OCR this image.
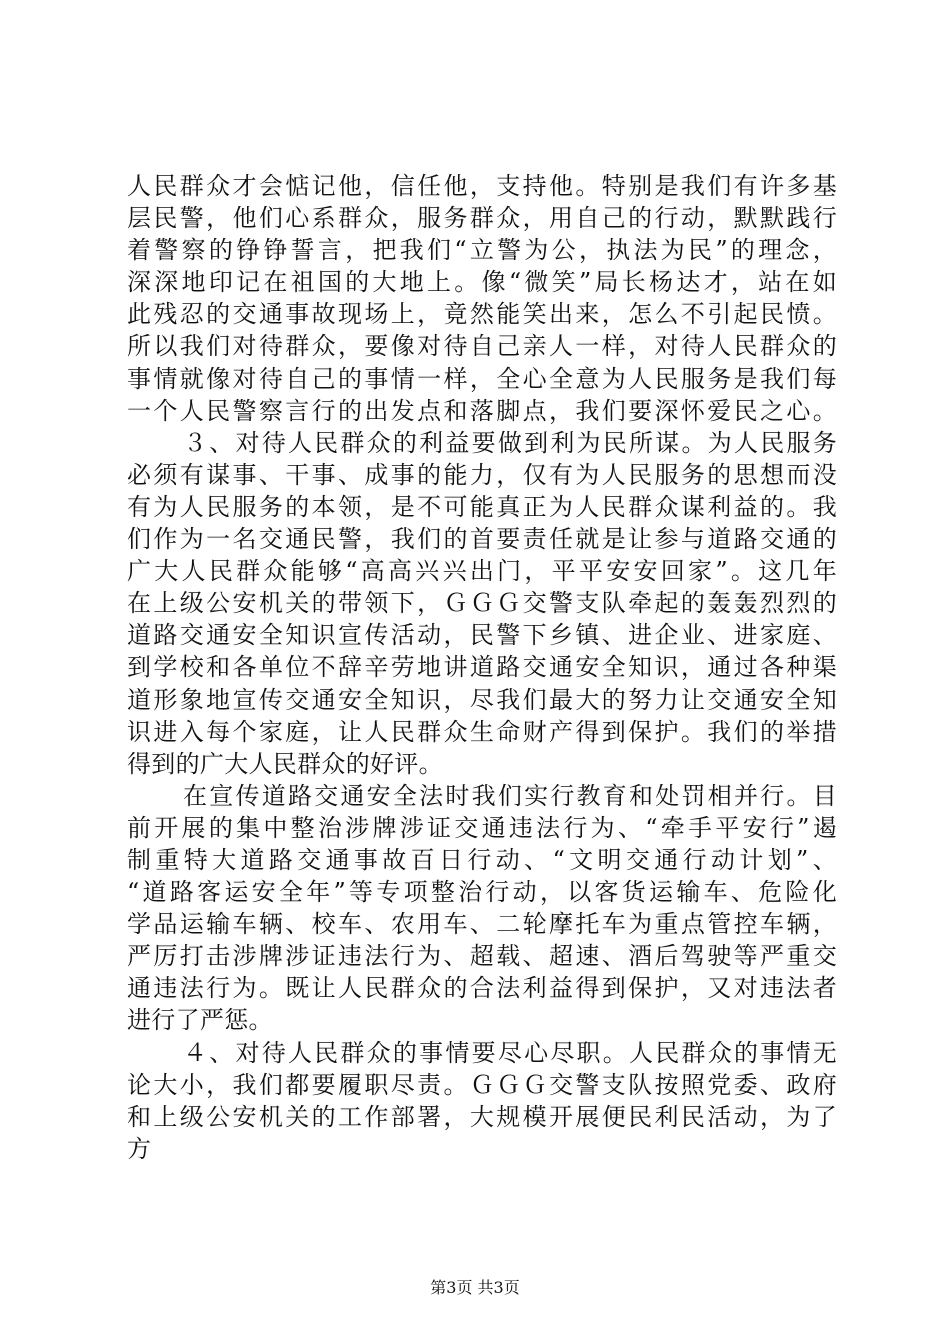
人民群众才会惦记他，信任他，支持他。特别是我们有许多基
层民警，他们心系群众，服务群众，用自己的行动，默默践行
着警察的铮铮誓言，把我们“立警为公，执法为民”的理念，
深深地印记在祖国的大地上。像“微笑”局长杨达才，站在如
此残忍的交通事故现场上，竟然能笑出来，怎么不引起民愤。
所以我们对待群众，要像对待自己亲人一样，对待人民群众的
事情就像对待自己的事情一样，全心全意为人民服务是我们每
一个人民警察言行的出发点和落脚点，我们要深怀爱民之心。
３、对待人民群众的利益要做到利为民所谋。为人民服务
必须有谋事、干事、成事的能力，仅有为人民服务的思想而没
有为人民服务的本领，是不可能真正为人民群众谋利益的。我
们作为一名交通民警，我们的首要责任就是让参与道路交通的
广大人民群众能够“高高兴兴出门，平平安安回家”。这几年
在上级公安机关的带领下，ＧＧＧ交警支队牵起的轰轰烈烈的
道路交通安全知识宣传活动，民警下乡镇、进企业、进家庭、
到学校和各单位不辞辛劳地讲道路交通安全知识，通过各种渠
道形象地宣传交通安全知识，尽我们最大的努力让交通安全知
识进入每个家庭，让人民群众生命财产得到保护。我们的举措
得到的广大人民群众的好评。
在宣传道路交通安全法时我们实行教育和处罚相并行。目
前开展的集中整治涉牌涉证交通违法行为、“牵手平安行”遏
制重特大道路交通事故百日行动、“文明交通行动计划”、
“道路客运安全年”等专项整治行动，以客货运输车、危险化
学品运输车辆、校车、农用车、二轮摩托车为重点管控车辆，
严厉打击涉牌涉证违法行为、超载、超速、酒后驾驶等严重交
通违法行为。既让人民群众的合法利益得到保护，又对违法者
进行了严惩。
４、对待人民群众的事情要尽心尽职。人民群众的事情无
论大小，我们都要履职尽责。ＧＧＧ交警支队按照党委、政府
和上级公安机关的工作部署，大规模开展便民利民活动，为了
方
第3页 共3页
